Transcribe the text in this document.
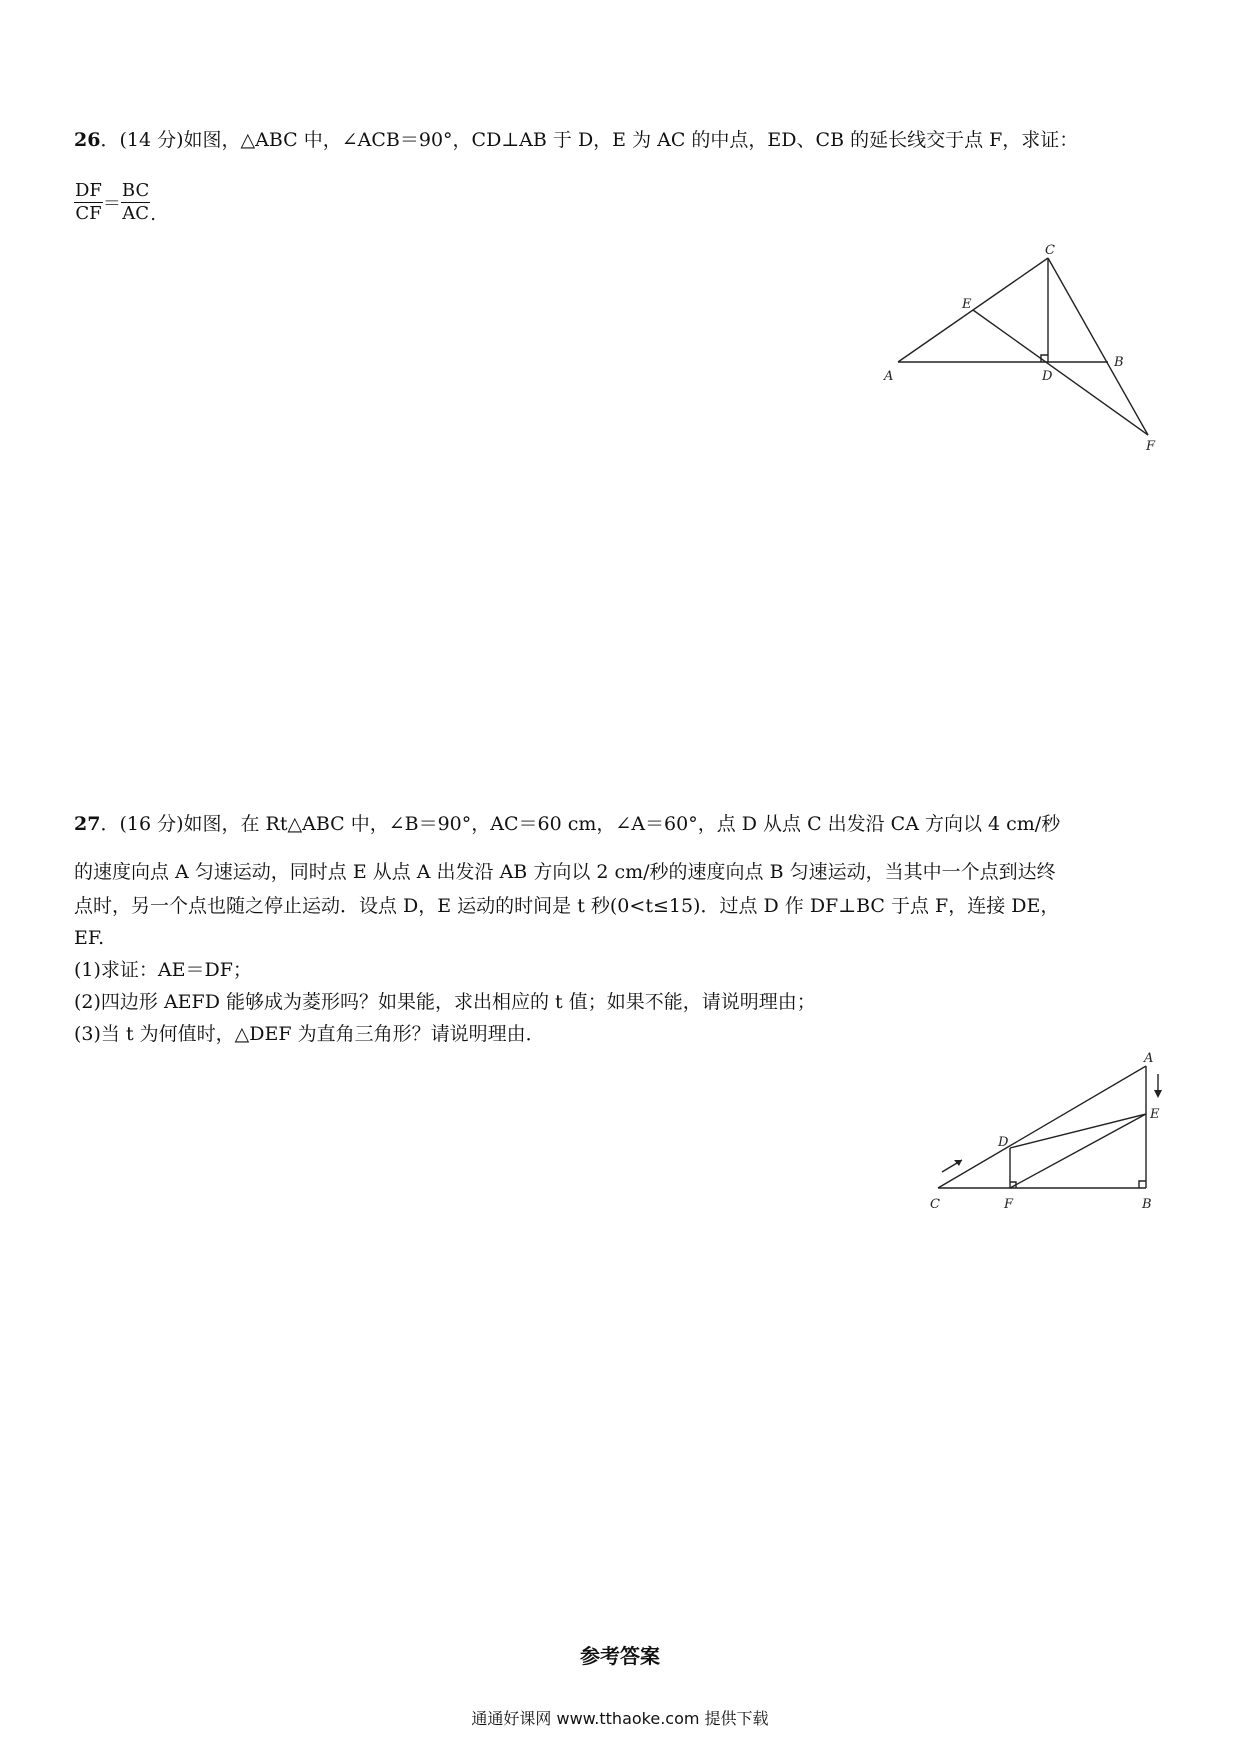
26．(14 分)如图，△ABC 中，∠ACB＝90°，CD⊥AB 于 D，E 为 AC 的中点，ED、CB 的延长线交于点 F，求证：
$\frac{DF}{CF} = \frac{BC}{AC}$ .
C
E
A	D
B
F
27．(16 分)如图，在 Rt△ABC 中，∠B＝90°，AC＝60 cm，∠A＝60°，点 D 从点 C 出发沿 CA 方向以 4 cm/秒
的速度向点 A 匀速运动，同时点 E 从点 A 出发沿 AB 方向以 2 cm/秒的速度向点 B 匀速运动，当其中一个点到达终
点时，另一个点也随之停止运动．设点 D，E 运动的时间是 t 秒(0<t≤15)．过点 D 作 DF⊥BC 于点 F，连接 DE，
EF.
(1)求证：AE＝DF；
(2)四边形 AEFD 能够成为菱形吗？如果能，求出相应的 t 值；如果不能，请说明理由；
(3)当 t 为何值时，△DEF 为直角三角形？请说明理由．
A
E
D
C	F	B
参考答案
通通好课网 www.tthaoke.com 提供下载
